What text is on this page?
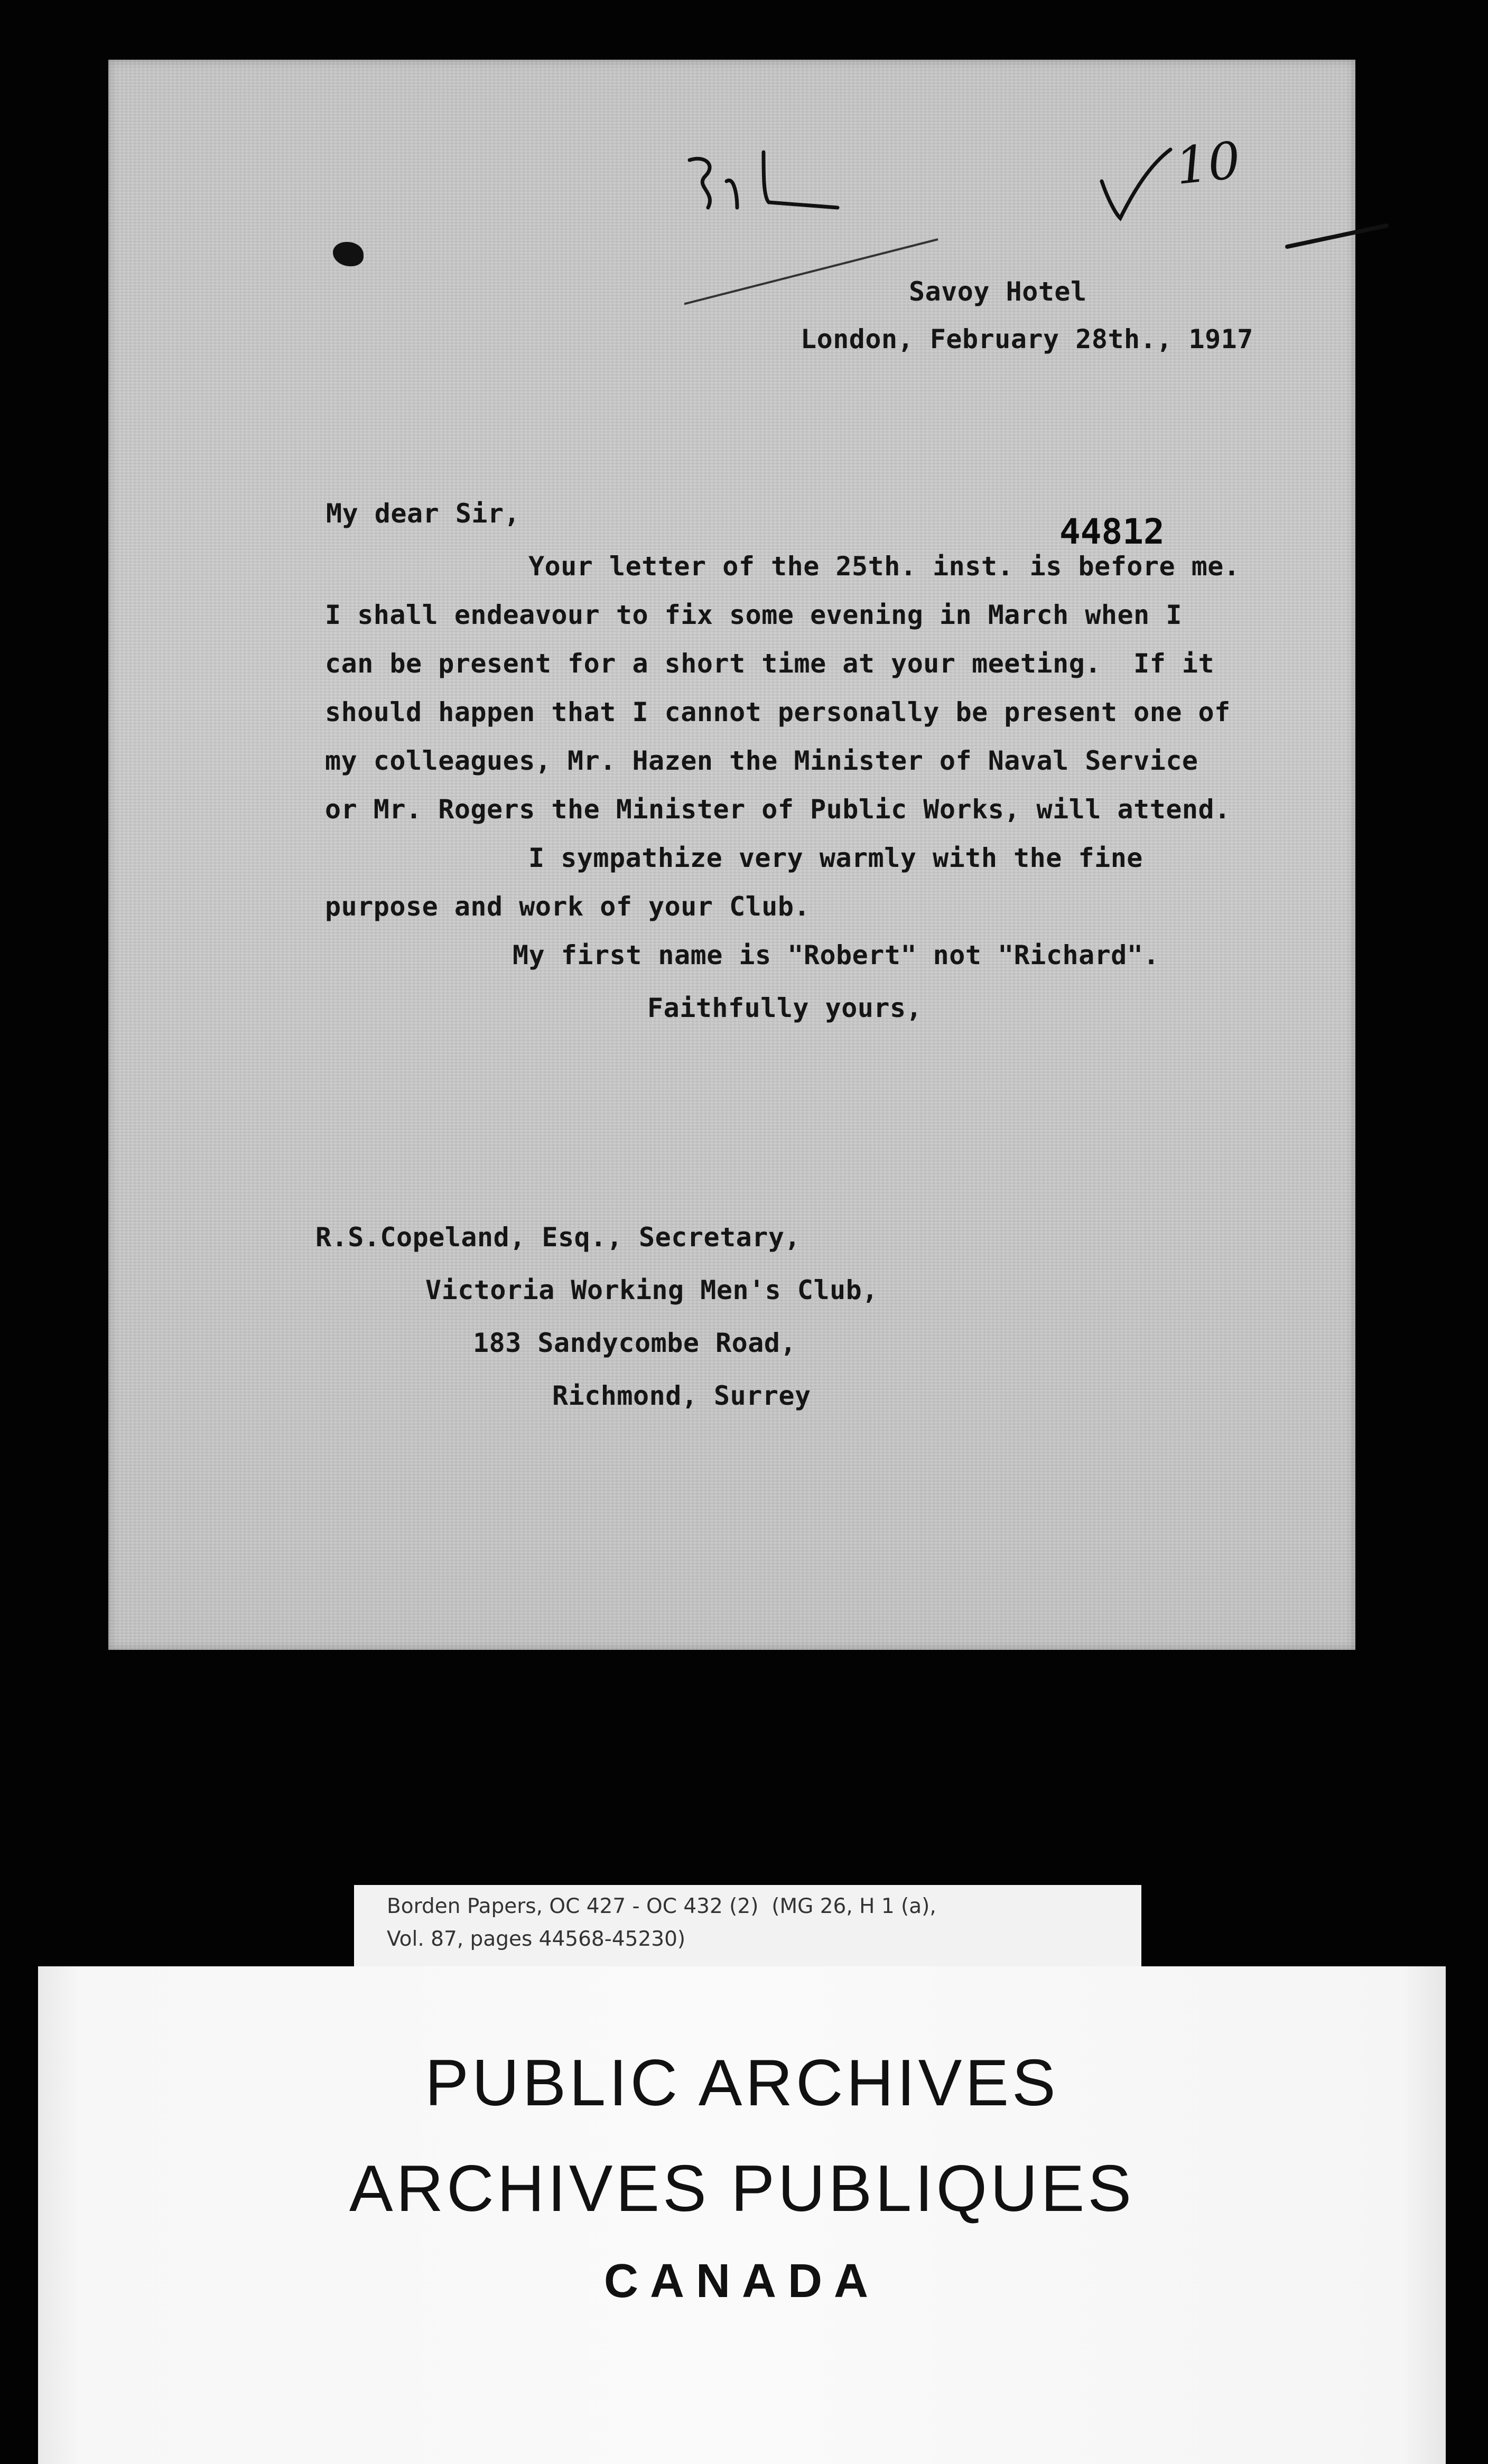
10
Savoy Hotel
London, February 28th., 1917
My dear Sir,	44812
Your letter of the 25th. inst. is before me.
I shall endeavour to fix some evening in March when I
can be present for a short time at your meeting.  If it
should happen that I cannot personally be present one of
my colleagues, Mr. Hazen the Minister of Naval Service
or Mr. Rogers the Minister of Public Works, will attend.
I sympathize very warmly with the fine
purpose and work of your Club.
My first name is "Robert" not "Richard".
Faithfully yours,
R.S.Copeland, Esq., Secretary,
Victoria Working Men's Club,
183 Sandycombe Road,
Richmond, Surrey
Borden Papers, OC 427 - OC 432 (2)  (MG 26, H 1 (a),
Vol. 87, pages 44568-45230)
PUBLIC ARCHIVES
ARCHIVES PUBLIQUES
CANADA
